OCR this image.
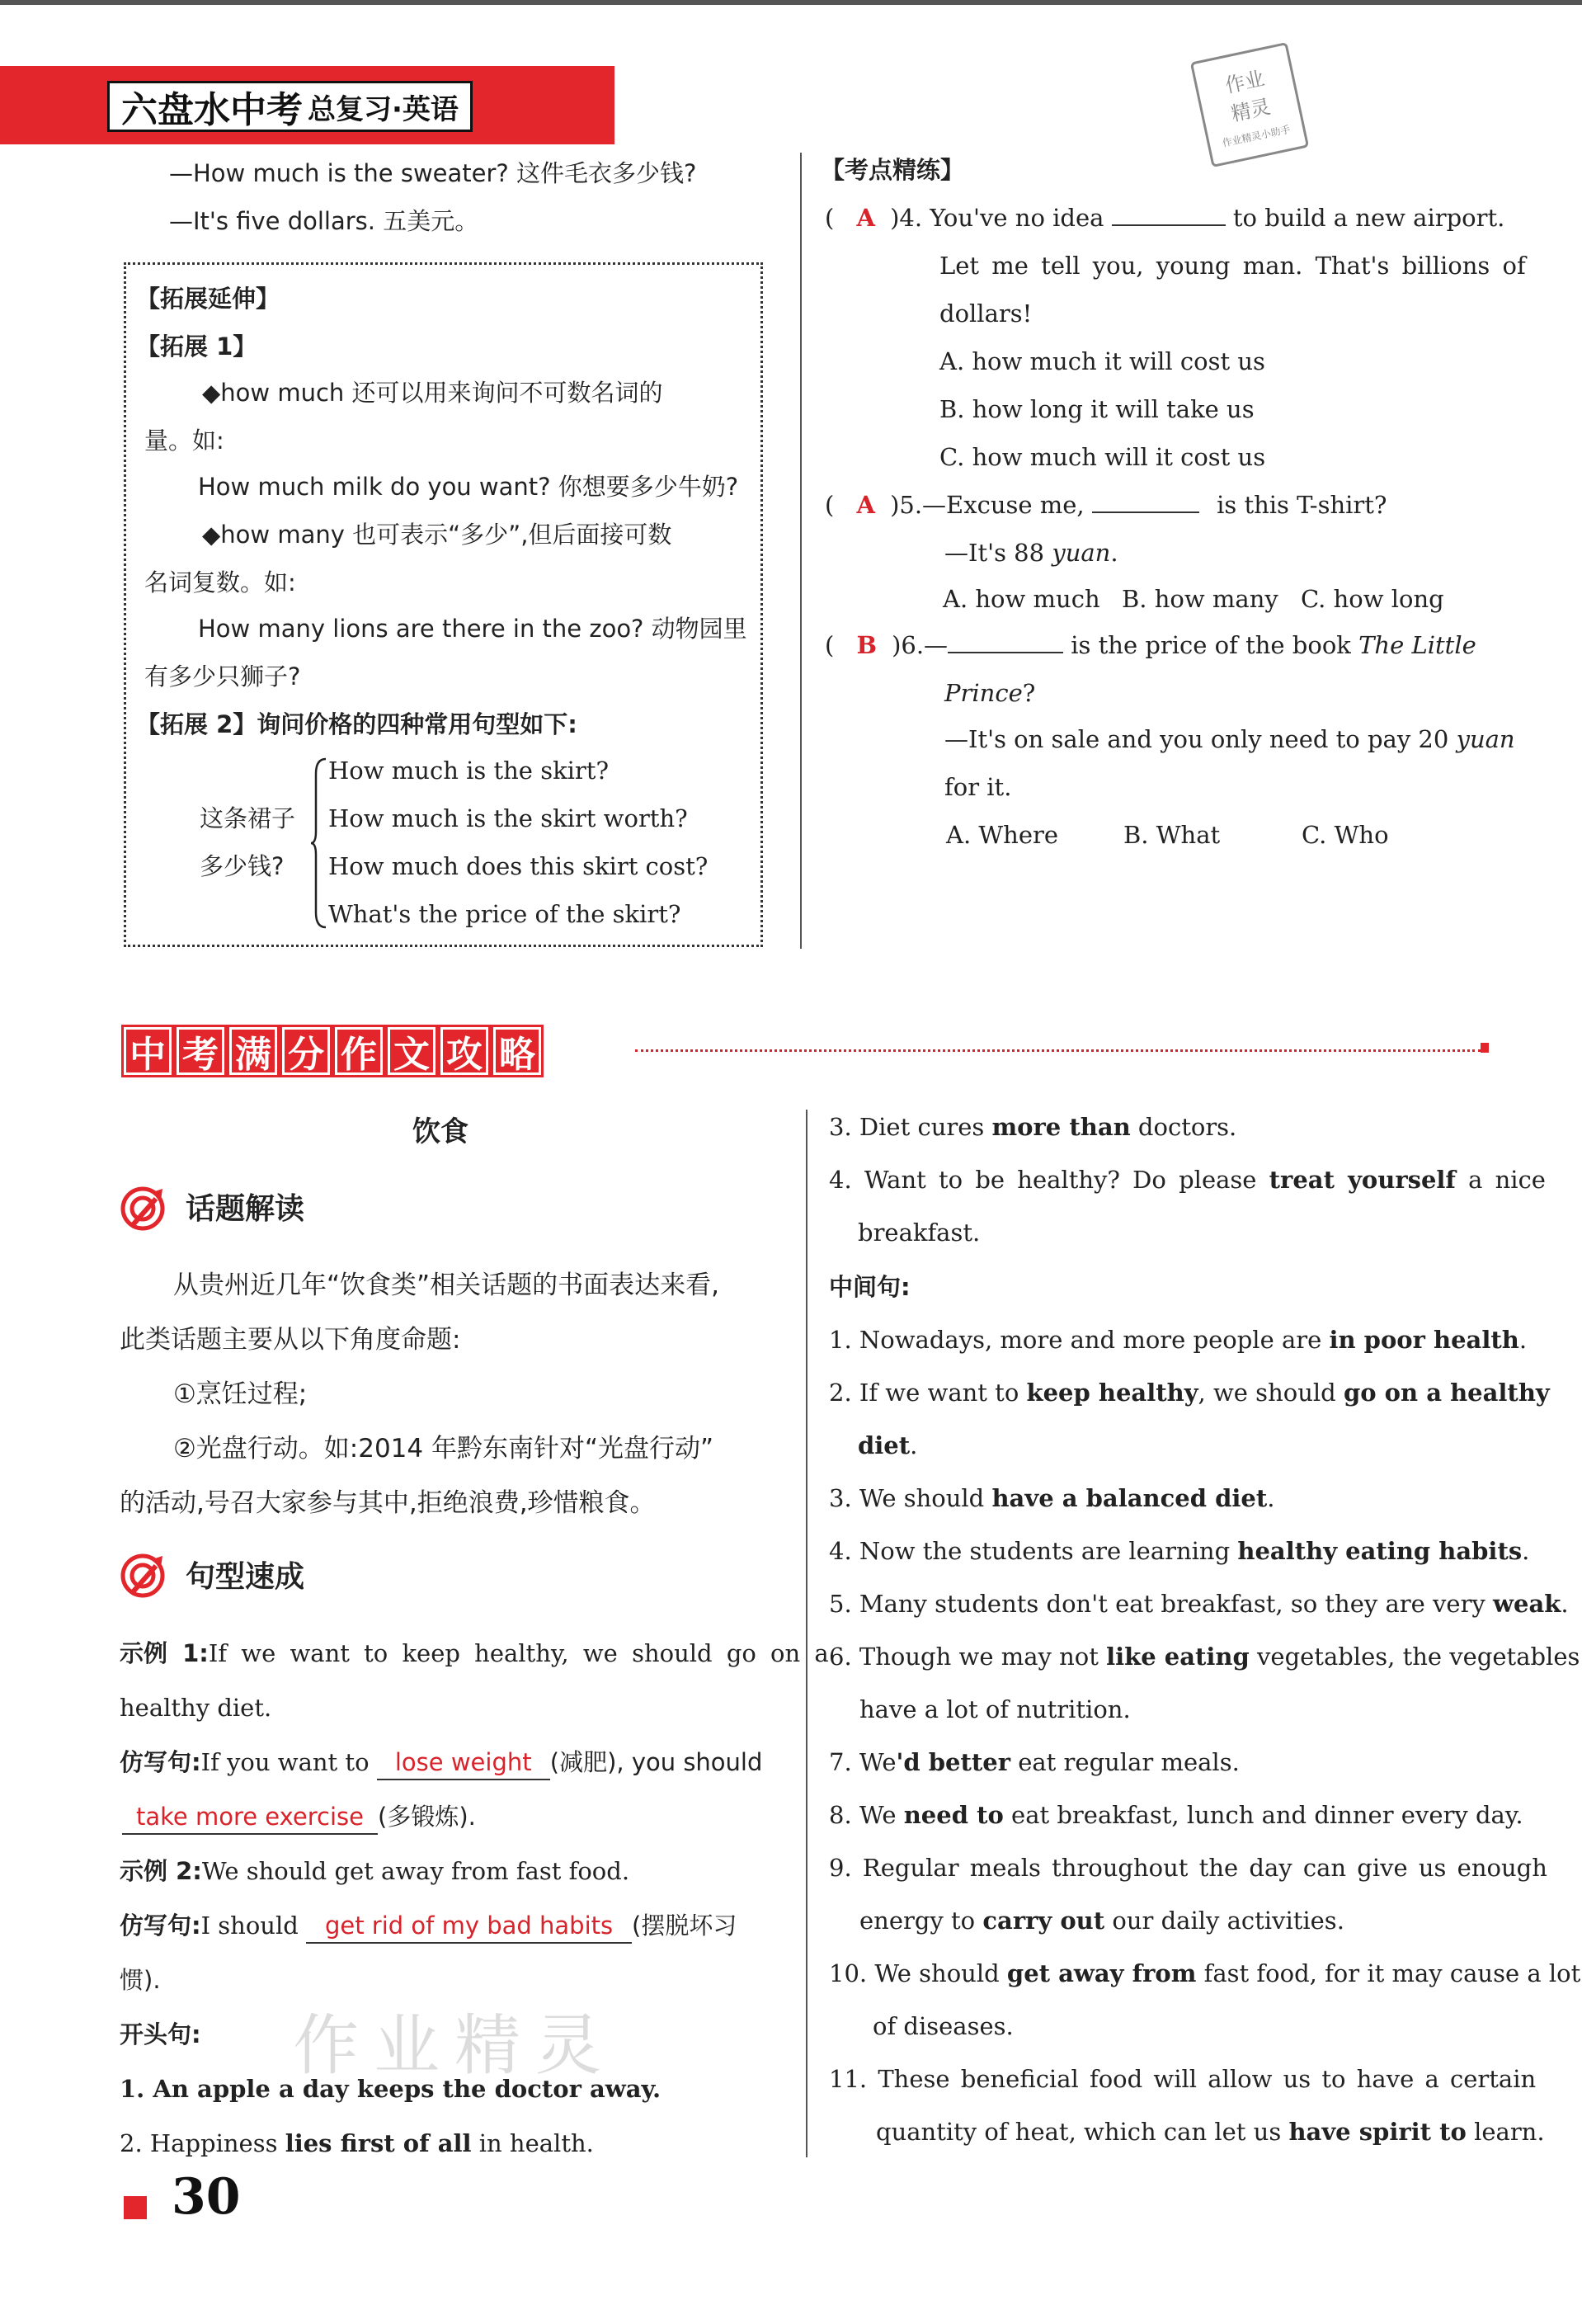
六盘水中考 总复习·英语
作业
精灵
作业精灵小助手
—How much is the sweater? 这件毛衣多少钱?
—It's five dollars. 五美元。
【拓展延伸】
【拓展 1】
◆how much 还可以用来询问不可数名词的
量。如:
How much milk do you want? 你想要多少牛奶?
◆how many 也可表示“多少”,但后面接可数
名词复数。如:
How many lions are there in the zoo? 动物园里
有多少只狮子?
【拓展 2】询问价格的四种常用句型如下:
这条裙子
多少钱?
How much is the skirt?
How much is the skirt worth?
How much does this skirt cost?
What's the price of the skirt?
【考点精练】
( A )4. You've no idea	to build a new airport.
Let me tell you, young man. That's billions of
dollars!
A. how much it will cost us
B. how long it will take us
C. how much will it cost us
( A )5.—Excuse me,	is this T-shirt?
—It's 88 yuan.
A. how much B. how many C. how long
( B )6.—	is the price of the book The Little
Prince?
—It's on sale and you only need to pay 20 yuan
for it.
A. Where	B. What	C. Who
中 考 满 分 作 文 攻 略
饮食
话题解读
从贵州近几年“饮食类”相关话题的书面表达来看,
此类话题主要从以下角度命题:
①烹饪过程;
②光盘行动。如:2014 年黔东南针对“光盘行动”
的活动,号召大家参与其中,拒绝浪费,珍惜粮食。
句型速成
示例 1:If we want to keep healthy, we should go on a
healthy diet.
仿写句:If you want to lose weight (减肥), you should
take more exercise (多锻炼).
示例 2:We should get away from fast food.
仿写句:I should get rid of my bad habits (摆脱坏习
惯).
作业精灵
开头句:
1. An apple a day keeps the doctor away.
2. Happiness lies first of all in health.
3. Diet cures more than doctors.
4. Want to be healthy? Do please treat yourself a nice
breakfast.
中间句:
1. Nowadays, more and more people are in poor health.
2. If we want to keep healthy, we should go on a healthy
diet.
3. We should have a balanced diet.
4. Now the students are learning healthy eating habits.
5. Many students don't eat breakfast, so they are very weak.
6. Though we may not like eating vegetables, the vegetables
have a lot of nutrition.
7. We'd better eat regular meals.
8. We need to eat breakfast, lunch and dinner every day.
9. Regular meals throughout the day can give us enough
energy to carry out our daily activities.
10. We should get away from fast food, for it may cause a lot
of diseases.
11. These beneficial food will allow us to have a certain
quantity of heat, which can let us have spirit to learn.
30
